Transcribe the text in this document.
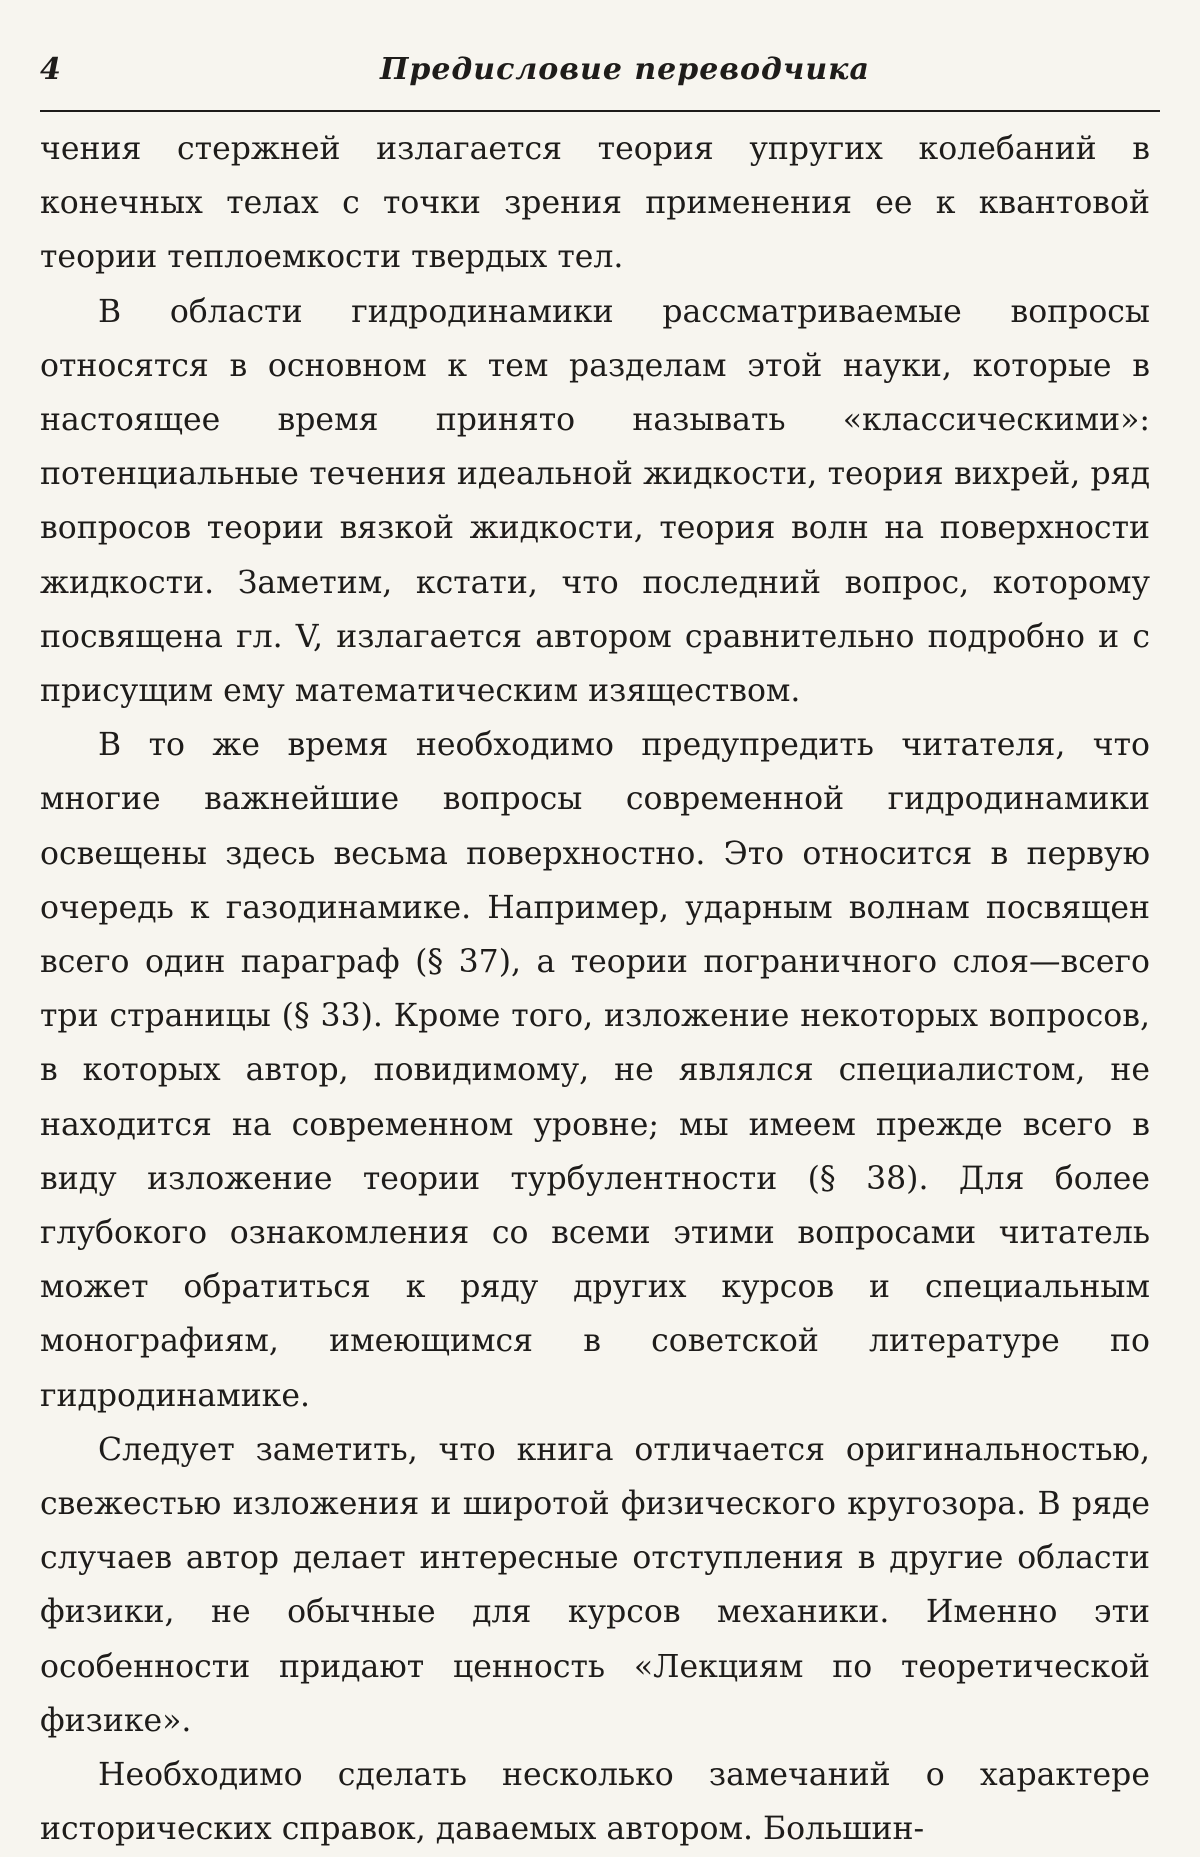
4	Предисловие переводчика

чения стержней излагается теория упругих колебаний в конечных телах с точки зрения применения ее к квантовой теории теплоемкости твердых тел.

В области гидродинамики рассматриваемые вопросы относятся в основном к тем разделам этой науки, которые в настоящее время принято называть «классическими»: потенциальные течения идеальной жидкости, теория вихрей, ряд вопросов теории вязкой жидкости, теория волн на поверхности жидкости. Заметим, кстати, что последний вопрос, которому посвящена гл. V, излагается автором сравнительно подробно и с присущим ему математическим изяществом.

В то же время необходимо предупредить читателя, что многие важнейшие вопросы современной гидродинамики освещены здесь весьма поверхностно. Это относится в первую очередь к газодинамике. Например, ударным волнам посвящен всего один параграф (§ 37), а теории пограничного слоя—всего три страницы (§ 33). Кроме того, изложение некоторых вопросов, в которых автор, повидимому, не являлся специалистом, не находится на современном уровне; мы имеем прежде всего в виду изложение теории турбулентности (§ 38). Для более глубокого ознакомления со всеми этими вопросами читатель может обратиться к ряду других курсов и специальным монографиям, имеющимся в советской литературе по гидродинамике.

Следует заметить, что книга отличается оригинальностью, свежестью изложения и широтой физического кругозора. В ряде случаев автор делает интересные отступления в другие области физики, не обычные для курсов механики. Именно эти особенности придают ценность «Лекциям по теоретической физике».

Необходимо сделать несколько замечаний о характере исторических справок, даваемых автором. Большин-
